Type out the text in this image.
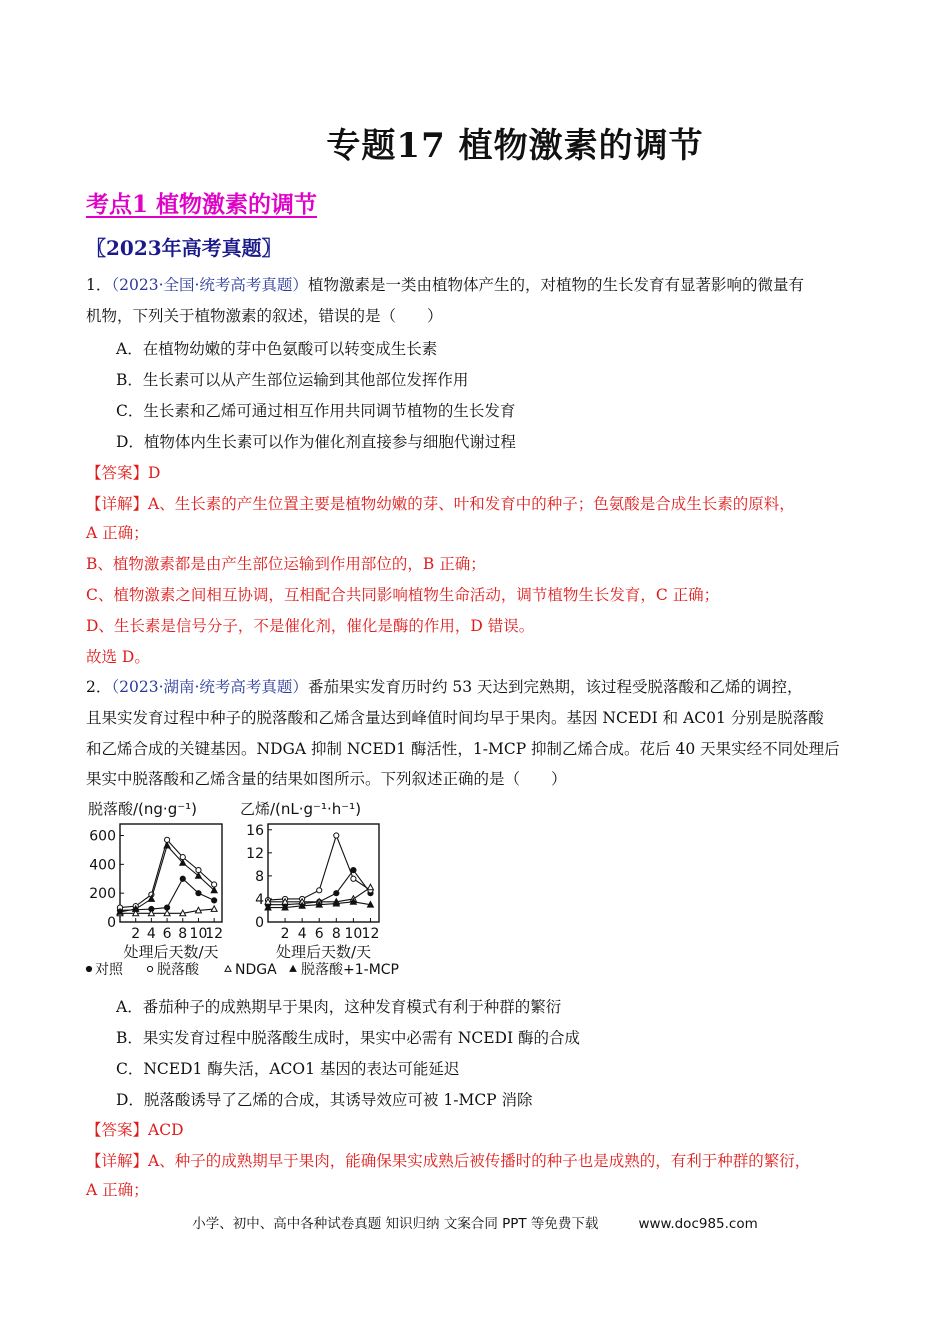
专题17 植物激素的调节
考点1 植物激素的调节
〖2023年高考真题〗
1．（2023·全国·统考高考真题）植物激素是一类由植物体产生的，对植物的生长发育有显著影响的微量有
机物，下列关于植物激素的叙述，错误的是（　　）
A．在植物幼嫩的芽中色氨酸可以转变成生长素
B．生长素可以从产生部位运输到其他部位发挥作用
C．生长素和乙烯可通过相互作用共同调节植物的生长发育
D．植物体内生长素可以作为催化剂直接参与细胞代谢过程
【答案】D
【详解】A、生长素的产生位置主要是植物幼嫩的芽、叶和发育中的种子；色氨酸是合成生长素的原料，
A 正确；
B、植物激素都是由产生部位运输到作用部位的，B 正确；
C、植物激素之间相互协调，互相配合共同影响植物生命活动，调节植物生长发育，C 正确；
D、生长素是信号分子，不是催化剂，催化是酶的作用，D 错误。
故选 D。
2．（2023·湖南·统考高考真题）番茄果实发育历时约 53 天达到完熟期，该过程受脱落酸和乙烯的调控，
且果实发育过程中种子的脱落酸和乙烯含量达到峰值时间均早于果肉。基因 NCEDI 和 AC01 分别是脱落酸
和乙烯合成的关键基因。NDGA 抑制 NCED1 酶活性，1-MCP 抑制乙烯合成。花后 40 天果实经不同处理后
果实中脱落酸和乙烯含量的结果如图所示。下列叙述正确的是（　　）
脱落酸/(ng·g⁻¹)
0
200
400
600
2 4 6 8 10
12
处理后天数/天
乙烯/(nL·g⁻¹·h⁻¹)
0
4
8
12
16
2 4 6 8 10 12
处理后天数/天
对照 脱落酸	NDGA 脱落酸+1-MCP
A．番茄种子的成熟期早于果肉，这种发育模式有利于种群的繁衍
B．果实发育过程中脱落酸生成时，果实中必需有 NCEDI 酶的合成
C．NCED1 酶失活，ACO1 基因的表达可能延迟
D．脱落酸诱导了乙烯的合成，其诱导效应可被 1-MCP 消除
【答案】ACD
【详解】A、种子的成熟期早于果肉，能确保果实成熟后被传播时的种子也是成熟的，有利于种群的繁衍，
A 正确；
小学、初中、高中各种试卷真题 知识归纳 文案合同 PPT 等免费下载	www.doc985.com
